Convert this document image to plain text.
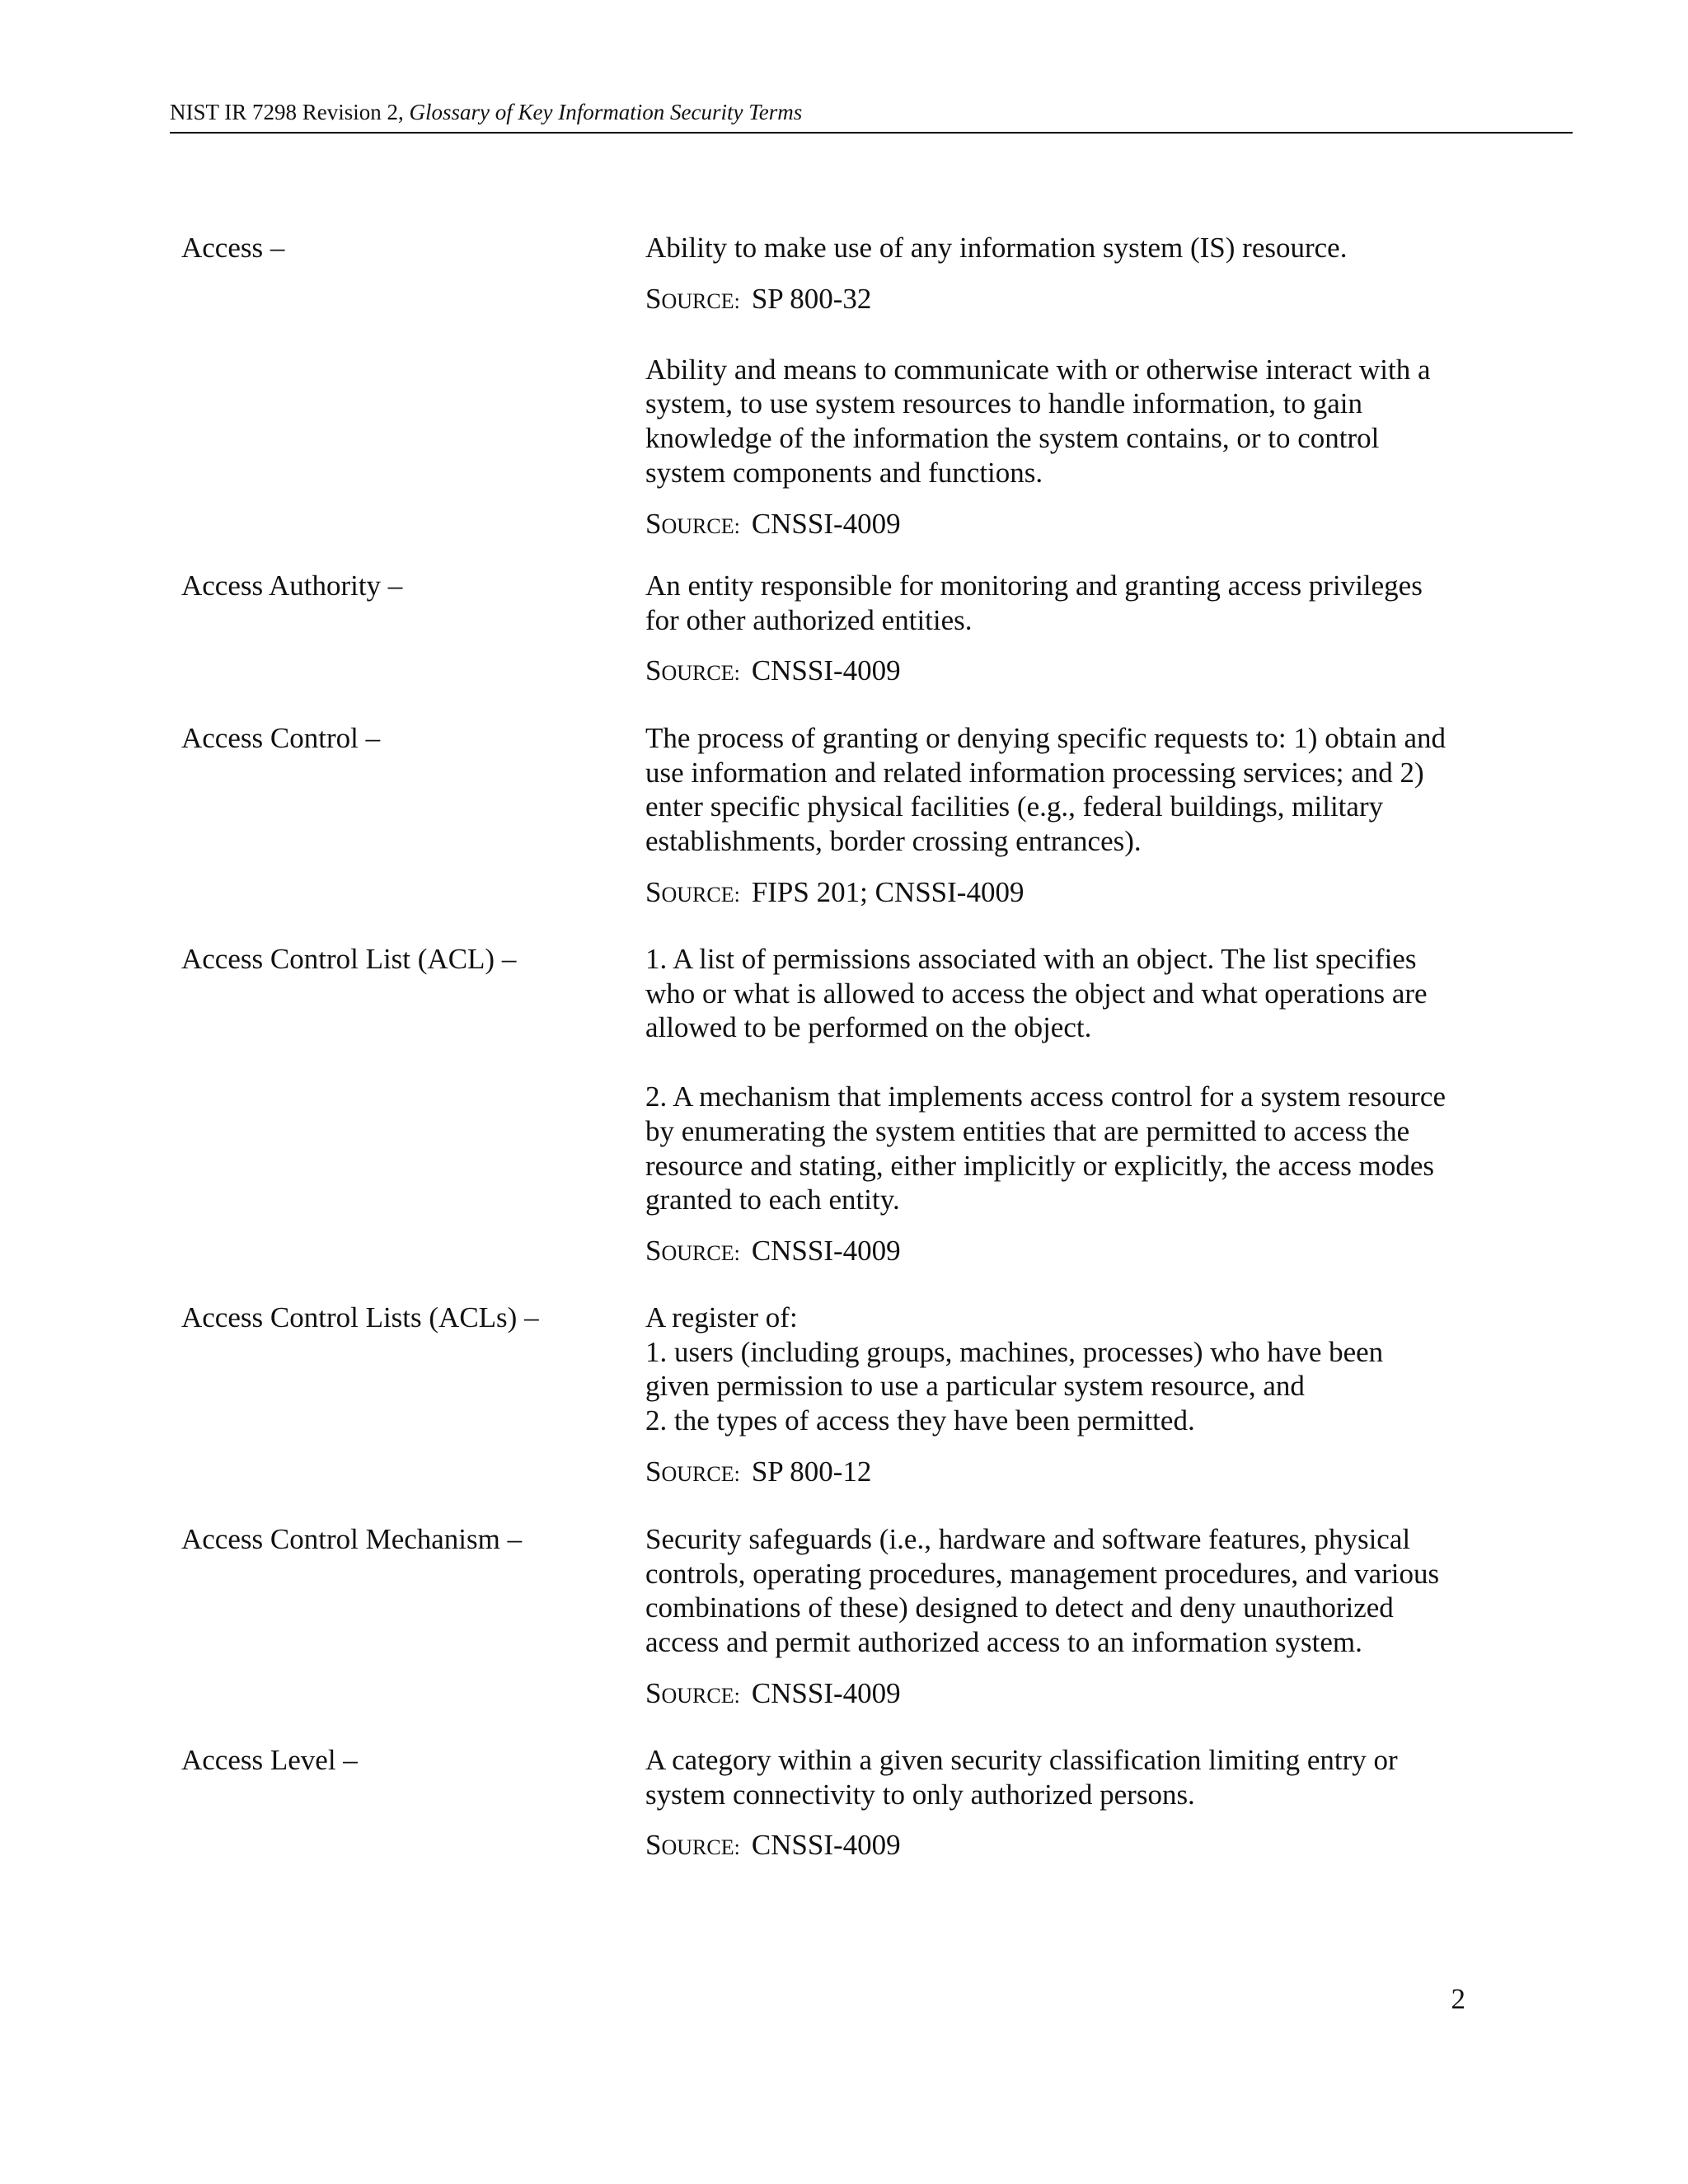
NIST IR 7298 Revision 2, Glossary of Key Information Security Terms
Access –	Ability to make use of any information system (IS) resource.
SOURCE: SP 800-32
Ability and means to communicate with or otherwise interact with a
system, to use system resources to handle information, to gain
knowledge of the information the system contains, or to control
system components and functions.
SOURCE: CNSSI-4009
Access Authority –	An entity responsible for monitoring and granting access privileges
for other authorized entities.
SOURCE: CNSSI-4009
Access Control –	The process of granting or denying specific requests to: 1) obtain and
use information and related information processing services; and 2)
enter specific physical facilities (e.g., federal buildings, military
establishments, border crossing entrances).
SOURCE: FIPS 201; CNSSI-4009
Access Control List (ACL) –	1. A list of permissions associated with an object. The list specifies
who or what is allowed to access the object and what operations are
allowed to be performed on the object.
2. A mechanism that implements access control for a system resource
by enumerating the system entities that are permitted to access the
resource and stating, either implicitly or explicitly, the access modes
granted to each entity.
SOURCE: CNSSI-4009
Access Control Lists (ACLs) –	A register of:
1. users (including groups, machines, processes) who have been
given permission to use a particular system resource, and
2. the types of access they have been permitted.
SOURCE: SP 800-12
Access Control Mechanism –	Security safeguards (i.e., hardware and software features, physical
controls, operating procedures, management procedures, and various
combinations of these) designed to detect and deny unauthorized
access and permit authorized access to an information system.
SOURCE: CNSSI-4009
Access Level –	A category within a given security classification limiting entry or
system connectivity to only authorized persons.
SOURCE: CNSSI-4009
2
